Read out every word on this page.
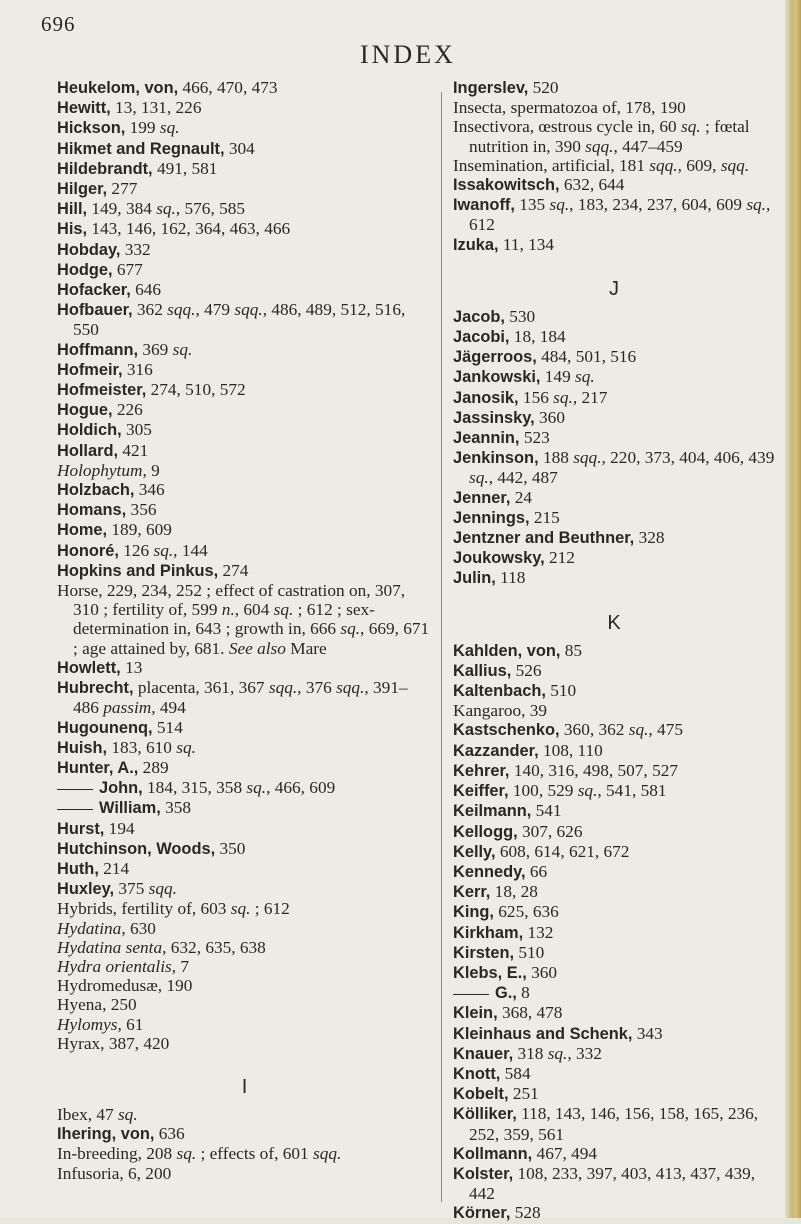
696
INDEX

Heukelom, von, 466, 470, 473

Hewitt, 13, 131, 226

Hickson, 199 sq.

Hikmet and Regnault, 304

Hildebrandt, 491, 581

Hilger, 277

Hill, 149, 384 sq., 576, 585

His, 143, 146, 162, 364, 463, 466

Hobday, 332

Hodge, 677

Hofacker, 646

Hofbauer, 362 sqq., 479 sqq., 486, 489, 512, 516, 550

Hoffmann, 369 sq.

Hofmeir, 316

Hofmeister, 274, 510, 572

Hogue, 226

Holdich, 305

Hollard, 421

Holophytum, 9

Holzbach, 346

Homans, 356

Home, 189, 609

Honoré, 126 sq., 144

Hopkins and Pinkus, 274

Horse, 229, 234, 252 ; effect of castration on, 307, 310 ; fertility of, 599 n., 604 sq. ; 612 ; sex-determination in, 643 ; growth in, 666 sq., 669, 671 ; age attained by, 681. See also Mare

Howlett, 13

Hubrecht, placenta, 361, 367 sqq., 376 sqq., 391–486 passim, 494

Hugounenq, 514

Huish, 183, 610 sq.

Hunter, A., 289

John, 184, 315, 358 sq., 466, 609

William, 358

Hurst, 194

Hutchinson, Woods, 350

Huth, 214

Huxley, 375 sqq.

Hybrids, fertility of, 603 sq. ; 612

Hydatina, 630

Hydatina senta, 632, 635, 638

Hydra orientalis, 7

Hydromedusæ, 190

Hyena, 250

Hylomys, 61

Hyrax, 387, 420

I

Ibex, 47 sq.

Ihering, von, 636

In-breeding, 208 sq. ; effects of, 601 sqq.

Infusoria, 6, 200

Ingerslev, 520

Insecta, spermatozoa of, 178, 190

Insectivora, œstrous cycle in, 60 sq. ; fœtal nutrition in, 390 sqq., 447–459

Insemination, artificial, 181 sqq., 609, sqq.

Issakowitsch, 632, 644

Iwanoff, 135 sq., 183, 234, 237, 604, 609 sq., 612

Izuka, 11, 134

J

Jacob, 530

Jacobi, 18, 184

Jägerroos, 484, 501, 516

Jankowski, 149 sq.

Janosik, 156 sq., 217

Jassinsky, 360

Jeannin, 523

Jenkinson, 188 sqq., 220, 373, 404, 406, 439 sq., 442, 487

Jenner, 24

Jennings, 215

Jentzner and Beuthner, 328

Joukowsky, 212

Julin, 118

K

Kahlden, von, 85

Kallius, 526

Kaltenbach, 510

Kangaroo, 39

Kastschenko, 360, 362 sq., 475

Kazzander, 108, 110

Kehrer, 140, 316, 498, 507, 527

Keiffer, 100, 529 sq., 541, 581

Keilmann, 541

Kellogg, 307, 626

Kelly, 608, 614, 621, 672

Kennedy, 66

Kerr, 18, 28

King, 625, 636

Kirkham, 132

Kirsten, 510

Klebs, E., 360

G., 8

Klein, 368, 478

Kleinhaus and Schenk, 343

Knauer, 318 sq., 332

Knott, 584

Kobelt, 251

Kölliker, 118, 143, 146, 156, 158, 165, 236, 252, 359, 561

Kollmann, 467, 494

Kolster, 108, 233, 397, 403, 413, 437, 439, 442

Körner, 528
